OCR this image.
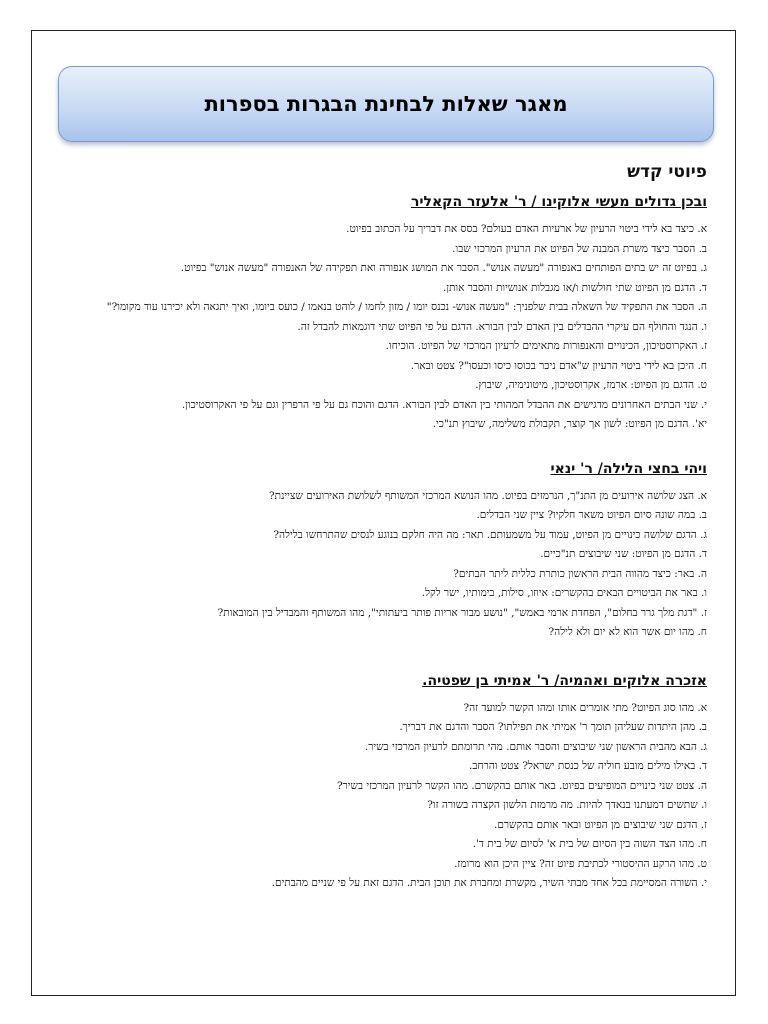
מאגר שאלות לבחינת הבגרות בספרות
פיוטי קדש
ובכן גדולים מעשי אלוקינו / ר' אלעזר הקאליר
א. כיצד בא לידי ביטוי הרעיון של ארעיות האדם בעולם? בסס את דבריך על הכתוב בפיוט.
ב. הסבר כיצד משרת המבנה של הפיוט את הרעיון המרכזי שבו.
ג. בפיוט זה יש בתים הפותחים באנפורה "מעשה אנוש". הסבר את המושג אנפורה ואת תפקידה של האנפורה "מעשה אנוש" בפיוט.
ד. הדגם מן הפיוט שתי חולשות ו/או מגבלות אנושיות והסבר אותן.
ה. הסבר את התפקיד של השאלה בבית שלפניך: "מעשה אנוש- נכנס יומו / מזון לחמו / לוהט בנאמו / כועס ביומו, ואיך יתגאה ולא יכירנו עוד מקומו?"
ו. הנגד והחולף הם עיקרי ההבדלים בין האדם לבין הבורא. הדגם על פי הפיוט שתי דוגמאות להבדל זה.
ז. האקרוסטיכון, הכינויים והאנפורות מתאימים לרעיון המרכזי של הפיוט. הוכיחו.
ח. היכן בא לידי ביטוי הרעיון ש"אדם ניכר בכוסו כיסו וכעסו"? צטט ובאר.
ט. הדגם מן הפיוט: ארמז, אקרוסטיכון, מיטונימיה, שיבוץ.
י. שני הבתים האחרונים מדגישים את ההבדל המהותי בין האדם לבין הבורא. הדגם והוכח גם על פי הרפרין וגם על פי האקרוסטיכון.
יא'. הדגם מן הפיוט: לשון אך קוצר, תקבולת משלימה, שיבוץ תנ"כי.
ויהי בחצי הלילה/ ר' ינאי
א. הצג שלושה אירועים מן התנ"ך, הנרמזים בפיוט. מהו הנושא המרכזי המשותף לשלושת האירועים שציינת?
ב. במה שונה סיום הפיוט משאר חלקיו? ציין שני הבדלים.
ג. הדגם שלושה כינויים מן הפיוט, עמוד על משמעותם. תאר: מה היה חלקם בנוגע לנסים שהתרחשו בלילה?
ד. הדגם מן הפיוט: שני שיבוצים תנ"כיים.
ה. באר: כיצד מהווה הבית הראשון כותרת כללית ליתר הבתים?
ו. באר את הביטויים הבאים בהקשרים: איוזו, סילות, בימותיו, ישר לקל.
ז. "דגת מלך גרר בחלום", הפחדת ארמי באמש", "נושע מבור אריות פותר ביעתותי", מהו המשותף והמבדיל בין המובאות?
ח. מהו יום אשר הוא לא יום ולא לילה?
אזכרה אלוקים ואהמיה/ ר' אמיתי בן שפטיה.
א. מהו סוג הפיוט? מתי אומרים אותו ומהו הקשר למועד זה?
ב. מהן היתדות שעליהן תומך ר' אמיתי את תפילתו? הסבר והדגם את דבריך.
ג. הבא מהבית הראשון שני שיבוצים והסבר אותם. מהי תרומתם לרעיון המרכזי בשיר.
ד. באילו מילים מובע חוליה של כנסת ישראל? צטט והרחב.
ה. צטט שני כינויים המופיעים בפיוט. באר אותם בהקשרם. מהו הקשר לרעיון המרכזי בשיר?
ו. שתשים דמעתנו בנאדך להיות. מה מרמזת הלשון הקצרה בשורה זו?
ז. הדגם שני שיבוצים מן הפיוט ובאר אותם בהקשרם.
ח. מהו הצד השוה בין הסיום של בית א' לסיום של בית ד'.
ט. מהו הרקע ההיסטורי לכתיבת פיוט זה? ציין היכן הוא מרומז.
י. השורה המסיימת בכל אחד מבתי השיר, מקשרת ומחברת את תוכן הבית. הדגם זאת על פי שניים מהבתים.
